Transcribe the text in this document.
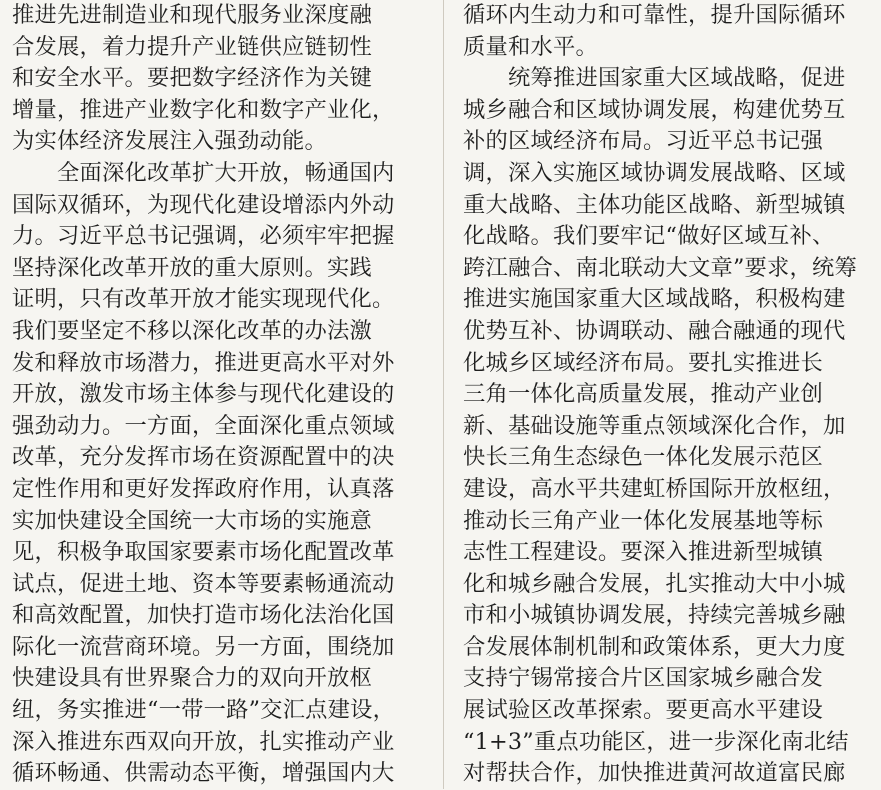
推进先进制造业和现代服务业深度融
合发展，着力提升产业链供应链韧性
和安全水平。要把数字经济作为关键
增量，推进产业数字化和数字产业化，
为实体经济发展注入强劲动能。
全面深化改革扩大开放，畅通国内
国际双循环，为现代化建设增添内外动
力。习近平总书记强调，必须牢牢把握
坚持深化改革开放的重大原则。实践
证明，只有改革开放才能实现现代化。
我们要坚定不移以深化改革的办法激
发和释放市场潜力，推进更高水平对外
开放，激发市场主体参与现代化建设的
强劲动力。一方面，全面深化重点领域
改革，充分发挥市场在资源配置中的决
定性作用和更好发挥政府作用，认真落
实加快建设全国统一大市场的实施意
见，积极争取国家要素市场化配置改革
试点，促进土地、资本等要素畅通流动
和高效配置，加快打造市场化法治化国
际化一流营商环境。另一方面，围绕加
快建设具有世界聚合力的双向开放枢
纽，务实推进“一带一路”交汇点建设，
深入推进东西双向开放，扎实推动产业
循环畅通、供需动态平衡，增强国内大
循环内生动力和可靠性，提升国际循环
质量和水平。
统筹推进国家重大区域战略，促进
城乡融合和区域协调发展，构建优势互
补的区域经济布局。习近平总书记强
调，深入实施区域协调发展战略、区域
重大战略、主体功能区战略、新型城镇
化战略。我们要牢记“做好区域互补、
跨江融合、南北联动大文章”要求，统筹
推进实施国家重大区域战略，积极构建
优势互补、协调联动、融合融通的现代
化城乡区域经济布局。要扎实推进长
三角一体化高质量发展，推动产业创
新、基础设施等重点领域深化合作，加
快长三角生态绿色一体化发展示范区
建设，高水平共建虹桥国际开放枢纽，
推动长三角产业一体化发展基地等标
志性工程建设。要深入推进新型城镇
化和城乡融合发展，扎实推动大中小城
市和小城镇协调发展，持续完善城乡融
合发展体制机制和政策体系，更大力度
支持宁锡常接合片区国家城乡融合发
展试验区改革探索。要更高水平建设
“1+3”重点功能区，进一步深化南北结
对帮扶合作，加快推进黄河故道富民廊
